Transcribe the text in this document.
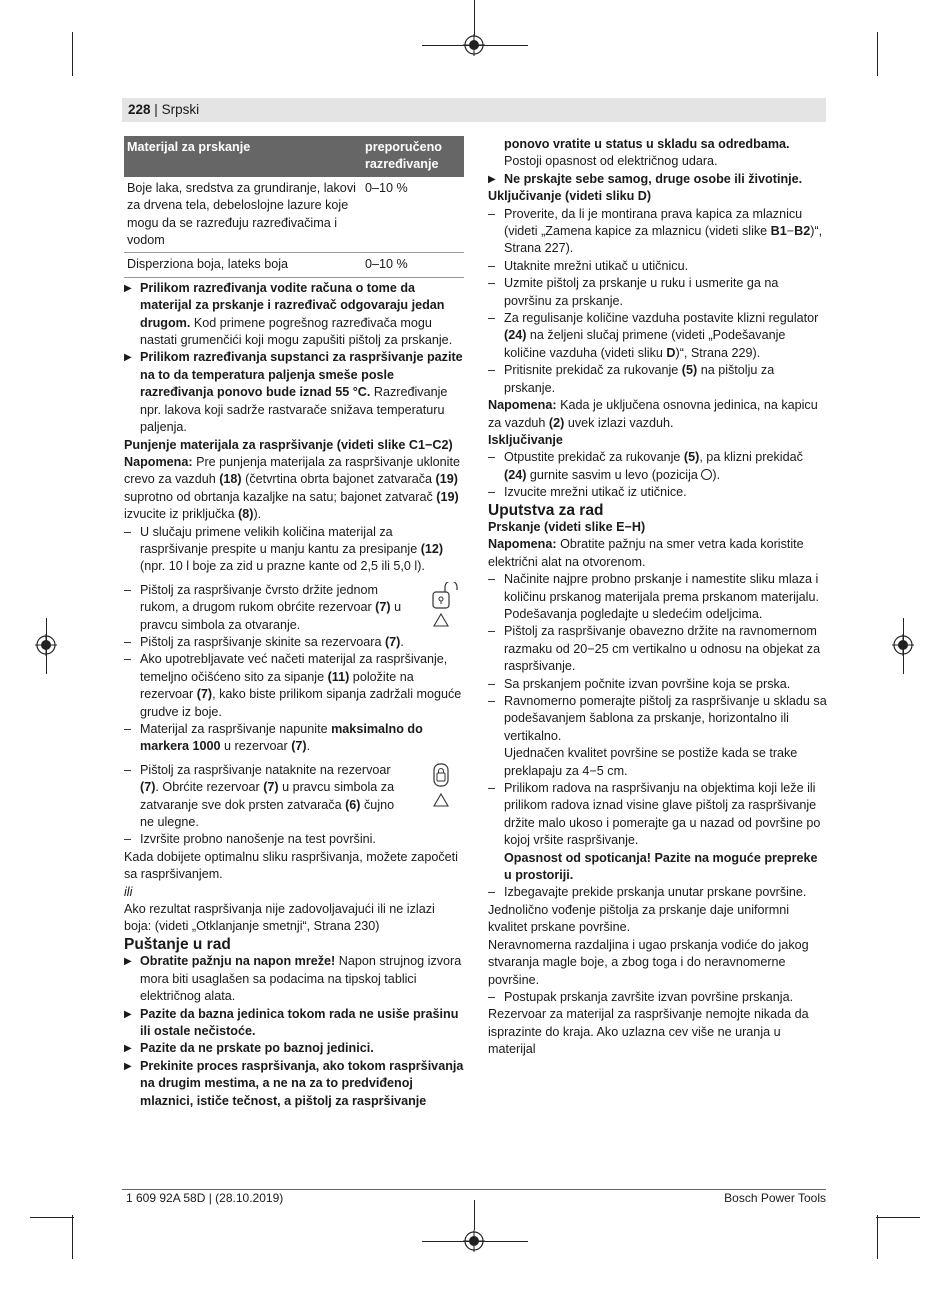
228 | Srpski
Materijal za prskanje	preporučeno razređivanje
Boje laka, sredstva za grundiranje, lakovi za drvena tela, debeloslojne lazure koje mogu da se razređuju razređivačima i vodom	0–10 %
Disperziona boja, lateks boja	0–10 %

▶ Prilikom razređivanja vodite računa o tome da materijal za prskanje i razređivač odgovaraju jedan drugom. Kod primene pogrešnog razređivača mogu nastati grumenčići koji mogu zapušiti pištolj za prskanje.

▶ Prilikom razređivanja supstanci za raspršivanje pazite na to da temperatura paljenja smeše posle razređivanja ponovo bude iznad 55 °C. Razređivanje npr. lakova koji sadrže rastvarače snižava temperaturu paljenja.

Punjenje materijala za raspršivanje (videti slike C1−C2)

Napomena: Pre punjenja materijala za raspršivanje uklonite crevo za vazduh (18) (četvrtina obrta bajonet zatvarača (19) suprotno od obrtanja kazaljke na satu; bajonet zatvarač (19) izvucite iz priključka (8)).

– U slučaju primene velikih količina materijal za raspršivanje prespite u manju kantu za presipanje (12) (npr. 10 l boje za zid u prazne kante od 2,5 ili 5,0 l).

– Pištolj za raspršivanje čvrsto držite jednom rukom, a drugom rukom obrćite rezervoar (7) u pravcu simbola za otvaranje.

– Pištolj za raspršivanje skinite sa rezervoara (7).

– Ako upotrebljavate već načeti materijal za raspršivanje, temeljno očišćeno sito za sipanje (11) položite na rezervoar (7), kako biste prilikom sipanja zadržali moguće grudve iz boje.

– Materijal za raspršivanje napunite maksimalno do markera 1000 u rezervoar (7).

– Pištolj za raspršivanje nataknite na rezervoar (7). Obrćite rezervoar (7) u pravcu simbola za zatvaranje sve dok prsten zatvarača (6) čujno ne ulegne.

– Izvršite probno nanošenje na test površini.

Kada dobijete optimalnu sliku raspršivanja, možete započeti sa raspršivanjem.

ili

Ako rezultat raspršivanja nije zadovoljavajući ili ne izlazi boja: (videti „Otklanjanje smetnji“, Strana 230)

Puštanje u rad

▶ Obratite pažnju na napon mreže! Napon strujnog izvora mora biti usaglašen sa podacima na tipskoj tablici električnog alata.

▶ Pazite da bazna jedinica tokom rada ne usiše prašinu ili ostale nečistoće.

▶ Pazite da ne prskate po baznoj jedinici.

▶ Prekinite proces raspršivanja, ako tokom raspršivanja na drugim mestima, a ne na za to predviđenoj mlaznici, ističe tečnost, a pištolj za raspršivanje

ponovo vratite u status u skladu sa odredbama. Postoji opasnost od električnog udara.

▶ Ne prskajte sebe samog, druge osobe ili životinje.

Uključivanje (videti sliku D)

– Proverite, da li je montirana prava kapica za mlaznicu (videti „Zamena kapice za mlaznicu (videti slike B1−B2)“, Strana 227).

– Utaknite mrežni utikač u utičnicu.

– Uzmite pištolj za prskanje u ruku i usmerite ga na površinu za prskanje.

– Za regulisanje količine vazduha postavite klizni regulator (24) na željeni slučaj primene (videti „Podešavanje količine vazduha (videti sliku D)“, Strana 229).

– Pritisnite prekidač za rukovanje (5) na pištolju za prskanje.

Napomena: Kada je uključena osnovna jedinica, na kapicu za vazduh (2) uvek izlazi vazduh.

Isključivanje

– Otpustite prekidač za rukovanje (5), pa klizni prekidač (24) gurnite sasvim u levo (pozicija ).

– Izvucite mrežni utikač iz utičnice.

Uputstva za rad

Prskanje (videti slike E−H)

Napomena: Obratite pažnju na smer vetra kada koristite električni alat na otvorenom.

– Načinite najpre probno prskanje i namestite sliku mlaza i količinu prskanog materijala prema prskanom materijalu. Podešavanja pogledajte u sledećim odeljcima.

– Pištolj za raspršivanje obavezno držite na ravnomernom razmaku od 20−25 cm vertikalno u odnosu na objekat za raspršivanje.

– Sa prskanjem počnite izvan površine koja se prska.

– Ravnomerno pomerajte pištolj za raspršivanje u skladu sa podešavanjem šablona za prskanje, horizontalno ili vertikalno.
Ujednačen kvalitet površine se postiže kada se trake preklapaju za 4−5 cm.

– Prilikom radova na raspršivanju na objektima koji leže ili prilikom radova iznad visine glave pištolj za raspršivanje držite malo ukoso i pomerajte ga u nazad od površine po kojoj vršite raspršivanje.
Opasnost od spoticanja! Pazite na moguće prepreke u prostoriji.

– Izbegavajte prekide prskanja unutar prskane površine.

Jednolično vođenje pištolja za prskanje daje uniformni kvalitet prskane površine.

Neravnomerna razdaljina i ugao prskanja vodiće do jakog stvaranja magle boje, a zbog toga i do neravnomerne površine.

– Postupak prskanja završite izvan površine prskanja.

Rezervoar za materijal za raspršivanje nemojte nikada da isprazinte do kraja. Ako uzlazna cev više ne uranja u materijal

1 609 92A 58D | (28.10.2019)	Bosch Power Tools
